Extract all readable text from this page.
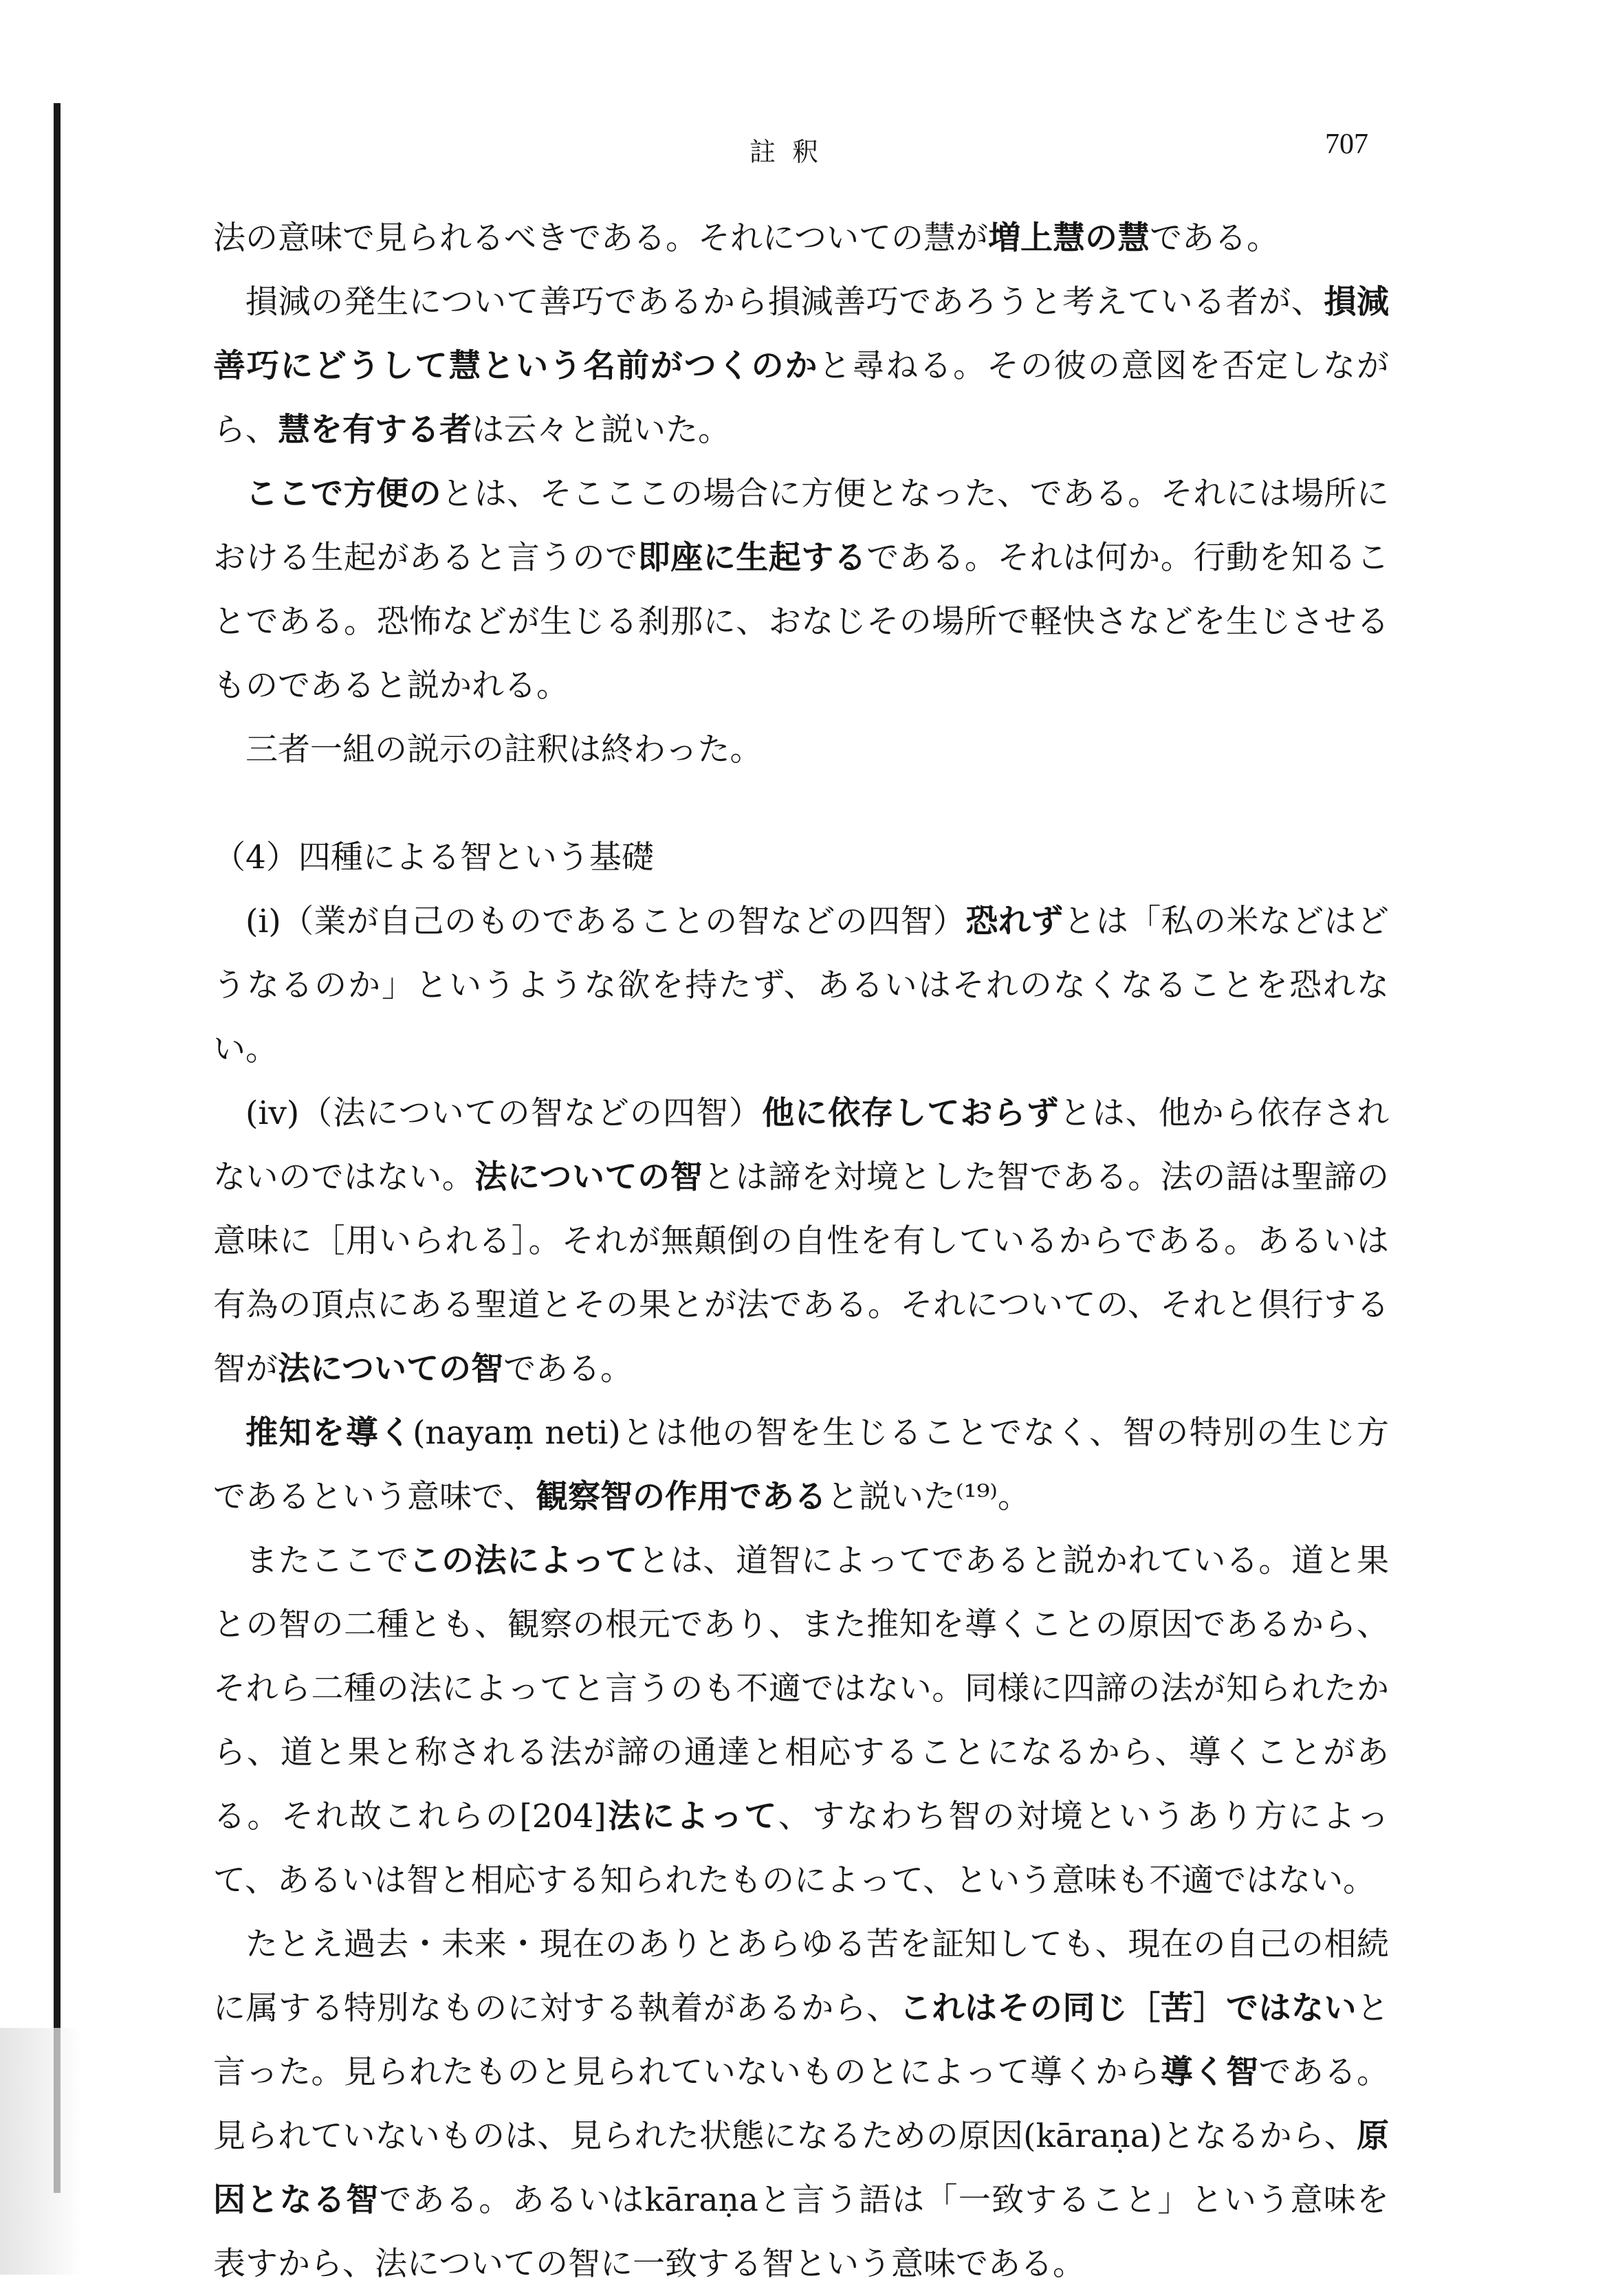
註釈	707

法の意味で見られるべきである。それについての慧が増上慧の慧である。

損減の発生について善巧であるから損減善巧であろうと考えている者が、損減善巧にどうして慧という名前がつくのかと尋ねる。その彼の意図を否定しながら、慧を有する者は云々と説いた。

ここで方便のとは、そこここの場合に方便となった、である。それには場所における生起があると言うので即座に生起するである。それは何か。行動を知ることである。恐怖などが生じる刹那に、おなじその場所で軽快さなどを生じさせるものであると説かれる。

三者一組の説示の註釈は終わった。

（4）四種による智という基礎

(i)（業が自己のものであることの智などの四智）恐れずとは「私の米などはどうなるのか」というような欲を持たず、あるいはそれのなくなることを恐れない。

(iv)（法についての智などの四智）他に依存しておらずとは、他から依存されないのではない。法についての智とは諦を対境とした智である。法の語は聖諦の意味に［用いられる］。それが無顛倒の自性を有しているからである。あるいは有為の頂点にある聖道とその果とが法である。それについての、それと倶行する智が法についての智である。

推知を導く(nayaṃ neti)とは他の智を生じることでなく、智の特別の生じ方であるという意味で、観察智の作用であると説いた⁽¹⁹⁾。

またここでこの法によってとは、道智によってであると説かれている。道と果との智の二種とも、観察の根元であり、また推知を導くことの原因であるから、それら二種の法によってと言うのも不適ではない。同様に四諦の法が知られたから、道と果と称される法が諦の通達と相応することになるから、導くことがある。それ故これらの[204]法によって、すなわち智の対境というあり方によって、あるいは智と相応する知られたものによって、という意味も不適ではない。

たとえ過去・未来・現在のありとあらゆる苦を証知しても、現在の自己の相続に属する特別なものに対する執着があるから、これはその同じ［苦］ではないと言った。見られたものと見られていないものとによって導くから導く智である。見られていないものは、見られた状態になるための原因(kāraṇa)となるから、原因となる智である。あるいはkāraṇaと言う語は「一致すること」という意味を表すから、法についての智に一致する智という意味である。
